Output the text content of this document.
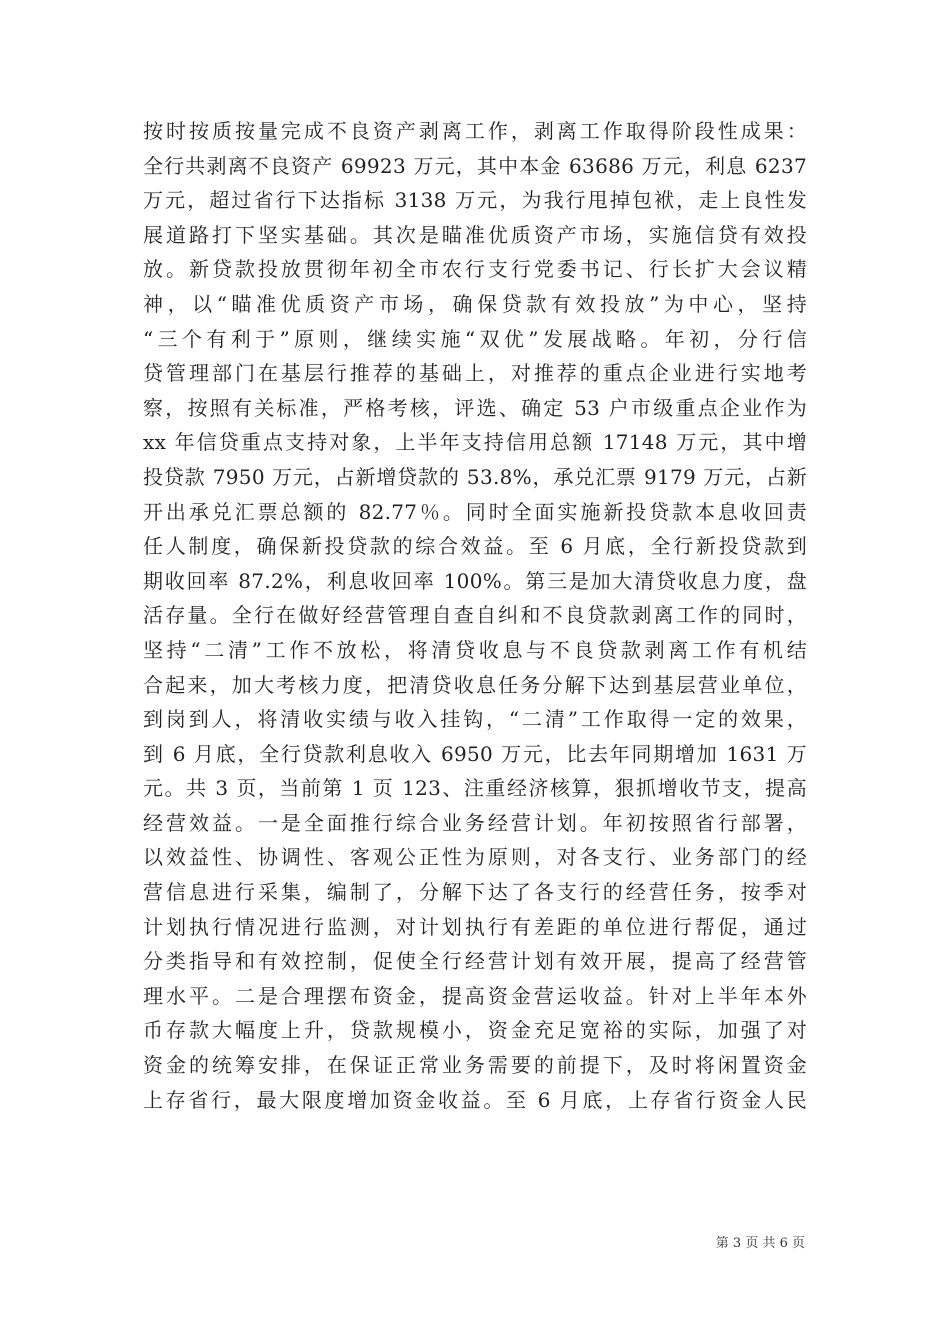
按时按质按量完成不良资产剥离工作，剥离工作取得阶段性成果：
全行共剥离不良资产 69923 万元，其中本金 63686 万元，利息 6237
万元，超过省行下达指标 3138 万元，为我行甩掉包袱，走上良性发
展道路打下坚实基础。其次是瞄准优质资产市场，实施信贷有效投
放。新贷款投放贯彻年初全市农行支行党委书记、行长扩大会议精
神，以“瞄准优质资产市场，确保贷款有效投放”为中心，坚持
“三个有利于”原则，继续实施“双优”发展战略。年初，分行信
贷管理部门在基层行推荐的基础上，对推荐的重点企业进行实地考
察，按照有关标准，严格考核，评选、确定 53 户市级重点企业作为
xx 年信贷重点支持对象，上半年支持信用总额 17148 万元，其中增
投贷款 7950 万元，占新增贷款的 53.8%，承兑汇票 9179 万元，占新
开出承兑汇票总额的 82.77％。同时全面实施新投贷款本息收回责
任人制度，确保新投贷款的综合效益。至 6 月底，全行新投贷款到
期收回率 87.2%，利息收回率 100%。第三是加大清贷收息力度，盘
活存量。全行在做好经营管理自查自纠和不良贷款剥离工作的同时，
坚持“二清”工作不放松，将清贷收息与不良贷款剥离工作有机结
合起来，加大考核力度，把清贷收息任务分解下达到基层营业单位，
到岗到人，将清收实绩与收入挂钩，“二清”工作取得一定的效果，
到 6 月底，全行贷款利息收入 6950 万元，比去年同期增加 1631 万
元。共 3 页，当前第 1 页 123、注重经济核算，狠抓增收节支，提高
经营效益。一是全面推行综合业务经营计划。年初按照省行部署，
以效益性、协调性、客观公正性为原则，对各支行、业务部门的经
营信息进行采集，编制了，分解下达了各支行的经营任务，按季对
计划执行情况进行监测，对计划执行有差距的单位进行帮促，通过
分类指导和有效控制，促使全行经营计划有效开展，提高了经营管
理水平。二是合理摆布资金，提高资金营运收益。针对上半年本外
币存款大幅度上升，贷款规模小，资金充足宽裕的实际，加强了对
资金的统筹安排，在保证正常业务需要的前提下，及时将闲置资金
上存省行，最大限度增加资金收益。至 6 月底，上存省行资金人民
第 3 页 共 6 页
